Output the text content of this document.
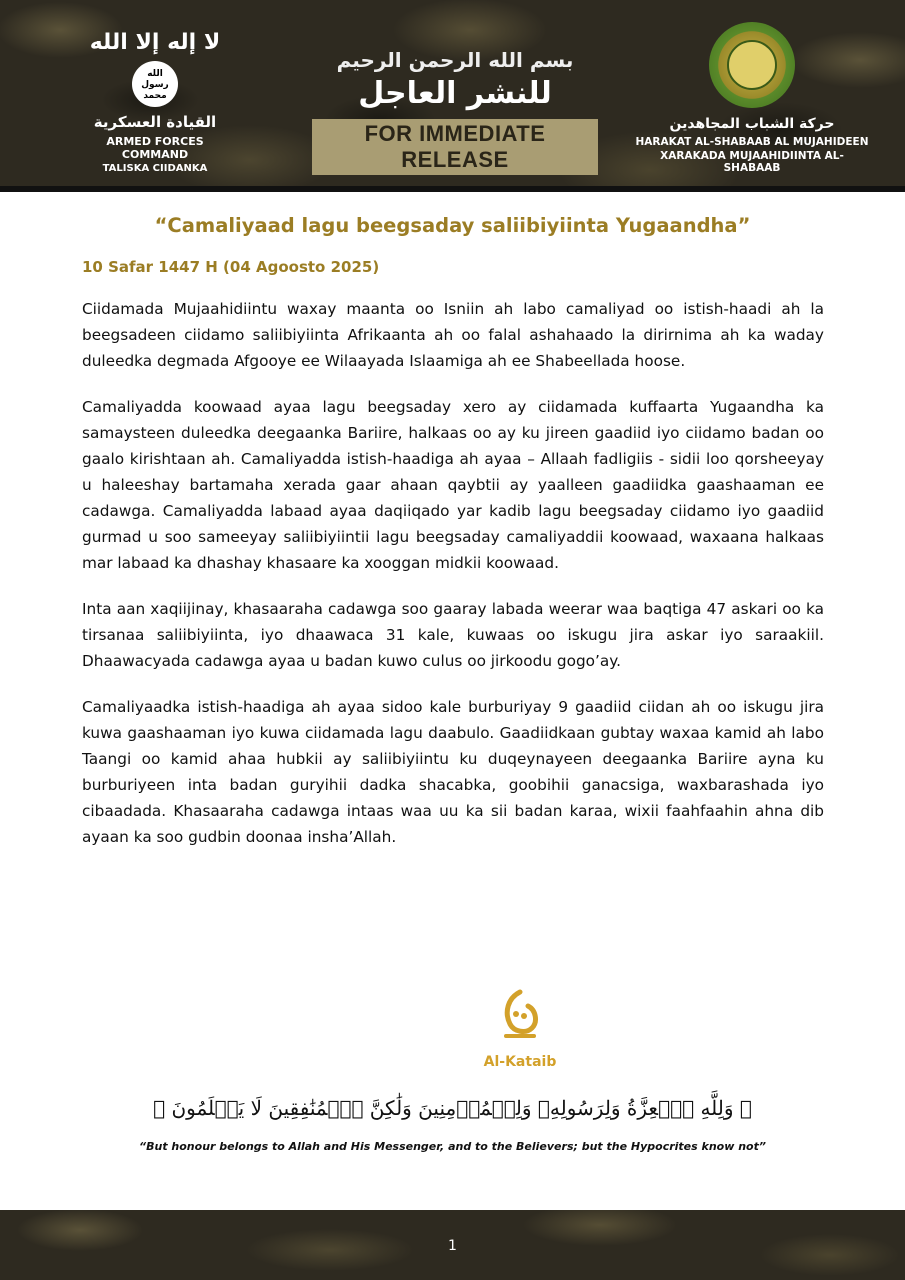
لا إله إلا الله
الله
رسول
محمد
القيادة العسكرية
ARMED FORCES COMMAND
TALISKA CIIDANKA
بسم الله الرحمن الرحيم
للنشر العاجل
FOR IMMEDIATE RELEASE
حركة الشباب المجاهدين
HARAKAT AL-SHABAAB AL MUJAHIDEEN
XARAKADA MUJAAHIDIINTA AL-SHABAAB
“Camaliyaad lagu beegsaday saliibiyiinta Yugaandha”
10 Safar 1447 H (04 Agoosto 2025)

Ciidamada Mujaahidiintu waxay maanta oo Isniin ah labo camaliyad oo istish-haadi ah la beegsadeen ciidamo saliibiyiinta Afrikaanta ah oo falal ashahaado la dirirnima ah ka waday duleedka degmada Afgooye ee Wilaayada Islaamiga ah ee Shabeellada hoose.

Camaliyadda koowaad ayaa lagu beegsaday xero ay ciidamada kuffaarta Yugaandha ka samaysteen duleedka deegaanka Bariire, halkaas oo ay ku jireen gaadiid iyo ciidamo badan oo gaalo kirishtaan ah. Camaliyadda istish-haadiga ah ayaa – Allaah fadligiis - sidii loo qorsheeyay u haleeshay bartamaha xerada gaar ahaan qaybtii ay yaalleen gaadiidka gaashaaman ee cadawga. Camaliyadda labaad ayaa daqiiqado yar kadib lagu beegsaday ciidamo iyo gaadiid gurmad u soo sameeyay saliibiyiintii lagu beegsaday camaliyaddii koowaad, waxaana halkaas mar labaad ka dhashay khasaare ka xooggan midkii koowaad.

Inta aan xaqiijinay, khasaaraha cadawga soo gaaray labada weerar waa baqtiga 47 askari oo ka tirsanaa saliibiyiinta, iyo dhaawaca 31 kale, kuwaas oo iskugu jira askar iyo saraakiil. Dhaawacyada cadawga ayaa u badan kuwo culus oo jirkoodu gogo’ay.

Camaliyaadka istish-haadiga ah ayaa sidoo kale burburiyay 9 gaadiid ciidan ah oo iskugu jira kuwa gaashaaman iyo kuwa ciidamada lagu daabulo. Gaadiidkaan gubtay waxaa kamid ah labo Taangi oo kamid ahaa hubkii ay saliibiyiintu ku duqeynayeen deegaanka Bariire ayna ku burburiyeen inta badan guryihii dadka shacabka, goobihii ganacsiga, waxbarashada iyo cibaadada. Khasaaraha cadawga intaas waa uu ka sii badan karaa, wixii faahfaahin ahna dib ayaan ka soo gudbin doonaa insha’Allah.

Al-Kataib
﴿ وَلِلَّهِ ٱلۡعِزَّةُ وَلِرَسُولِهِۦ وَلِلۡمُؤۡمِنِينَ وَلَٰكِنَّ ٱلۡمُنَٰفِقِينَ لَا يَعۡلَمُونَ ﴾
“But honour belongs to Allah and His Messenger, and to the Believers; but the Hypocrites know not”
1
